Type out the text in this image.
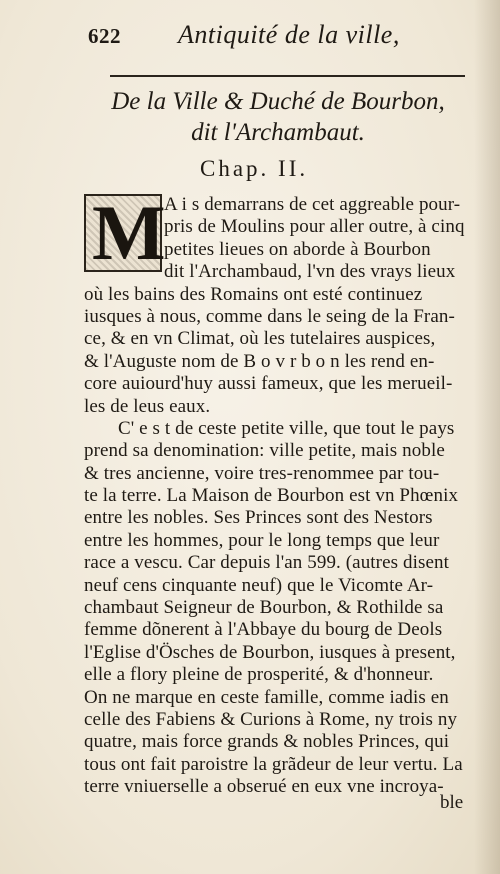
622 Antiquité de la ville,
De la Ville & Duché de Bourbon,
dit l'Archambaut.
Chap. II.
M
A i s demarrans de cet aggreable pour-
pris de Moulins pour aller outre, à cinq
petites lieues on aborde à Bourbon
dit l'Archambaud, l'vn des vrays lieux
où les bains des Romains ont esté continuez
iusques à nous, comme dans le seing de la Fran-
ce, & en vn Climat, où les tutelaires auspices,
& l'Auguste nom de B o v r b o n les rend en-
core auiourd'huy aussi fameux, que les merueil-
les de leus eaux.
C' e s t de ceste petite ville, que tout le pays
prend sa denomination: ville petite, mais noble
& tres ancienne, voire tres-renommee par tou-
te la terre. La Maison de Bourbon est vn Phœnix
entre les nobles. Ses Princes sont des Nestors
entre les hommes, pour le long temps que leur
race a vescu. Car depuis l'an 599. (autres disent
neuf cens cinquante neuf) que le Vicomte Ar-
chambaut Seigneur de Bourbon, & Rothilde sa
femme dõnerent à l'Abbaye du bourg de Deols
l'Eglise d'Ösches de Bourbon, iusques à present,
elle a flory pleine de prosperité, & d'honneur.
On ne marque en ceste famille, comme iadis en
celle des Fabiens & Curions à Rome, ny trois ny
quatre, mais force grands & nobles Princes, qui
tous ont fait paroistre la grãdeur de leur vertu. La
terre vniuerselle a obserué en eux vne incroya-
ble
